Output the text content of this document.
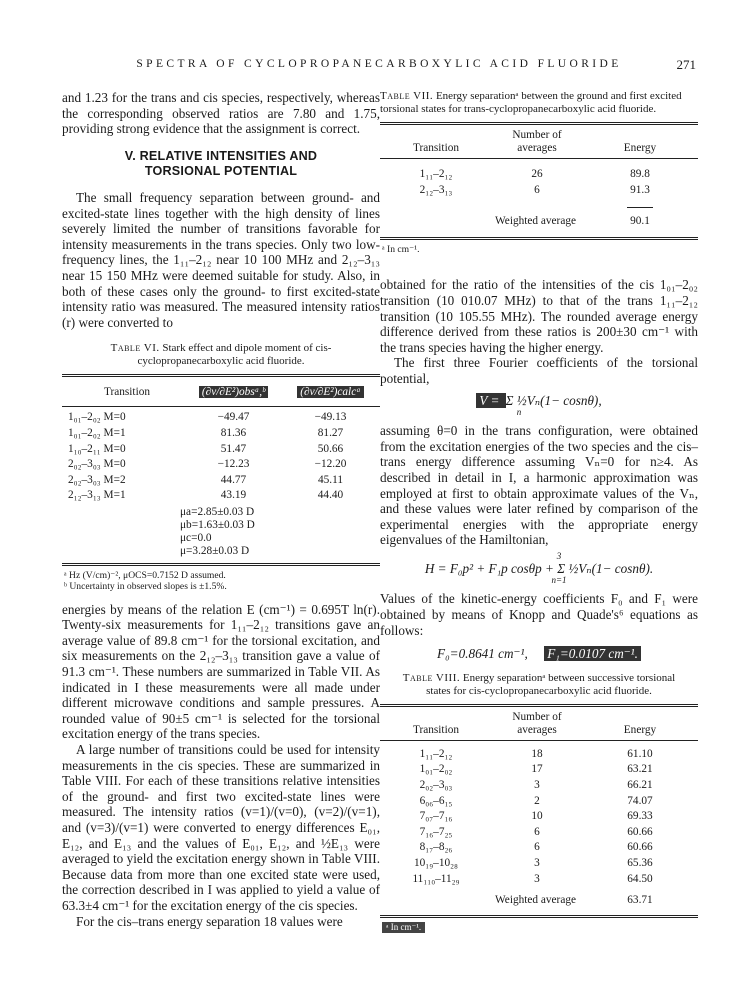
SPECTRA OF CYCLOPROPANECARBOXYLIC ACID FLUORIDE	271

and 1.23 for the trans and cis species, respectively, whereas the corresponding observed ratios are 7.80 and 1.75, providing strong evidence that the assignment is correct.

V. RELATIVE INTENSITIES AND
TORSIONAL POTENTIAL

The small frequency separation between ground- and excited-state lines together with the high density of lines severely limited the number of transitions favorable for intensity measurements in the trans species. Only two low-frequency lines, the 1₁₁–2₁₂ near 10 100 MHz and 2₁₂–3₁₃ near 15 150 MHz were deemed suitable for study. Also, in both of these cases only the ground- to first excited-state intensity ratio was measured. The measured intensity ratios (r) were converted to

Table VI. Stark effect and dipole moment of cis-cyclopropanecarboxylic acid fluoride.
Transition	(∂ν/∂E²)obsᵃ,ᵇ	(∂ν/∂E²)calcᵃ
1₀₁–2₀₂ M=0	−49.47	−49.13
1₀₁–2₀₂ M=1	81.36	81.27
1₁₀–2₁₁ M=0	51.47	50.66
2₀₂–3₀₃ M=0	−12.23	−12.20
2₀₂–3₀₃ M=2	44.77	45.11
2₁₂–3₁₃ M=1	43.19	44.40
μa=2.85±0.03 D
μb=1.63±0.03 D
μc=0.0
μ=3.28±0.03 D
ᵃ Hz (V/cm)⁻², μOCS=0.7152 D assumed.
ᵇ Uncertainty in observed slopes is ±1.5%.

energies by means of the relation E (cm⁻¹) = 0.695T ln(r). Twenty-six measurements for 1₁₁–2₁₂ transitions gave an average value of 89.8 cm⁻¹ for the torsional excitation, and six measurements on the 2₁₂–3₁₃ transition gave a value of 91.3 cm⁻¹. These numbers are summarized in Table VII. As indicated in I these measurements were all made under different microwave conditions and sample pressures. A rounded value of 90±5 cm⁻¹ is selected for the torsional excitation energy of the trans species.

A large number of transitions could be used for intensity measurements in the cis species. These are summarized in Table VIII. For each of these transitions relative intensities of the ground- and first two excited-state lines were measured. The intensity ratios (v=1)/(v=0), (v=2)/(v=1), and (v=3)/(v=1) were converted to energy differences E₀₁, E₁₂, and E₁₃ and the values of E₀₁, E₁₂, and ½E₁₃ were averaged to yield the excitation energy shown in Table VIII. Because data from more than one excited state were used, the correction described in I was applied to yield a value of 63.3±4 cm⁻¹ for the excitation energy of the cis species.

For the cis–trans energy separation 18 values were

Table VII. Energy separationᵃ between the ground and first excited torsional states for trans-cyclopropanecarboxylic acid fluoride.
Transition	
Number of
averages	Energy
1₁₁–2₁₂	26	89.8
2₁₂–3₁₃	6	91.3

Weighted average		90.1
ᵃ In cm⁻¹.

obtained for the ratio of the intensities of the cis 1₀₁–2₀₂ transition (10 010.07 MHz) to that of the trans 1₁₁–2₁₂ transition (10 105.55 MHz). The rounded average energy difference derived from these ratios is 200±30 cm⁻¹ with the trans species having the higher energy.

The first three Fourier coefficients of the torsional potential,

V = Σ ½Vₙ(1− cosnθ),
n

assuming θ=0 in the trans configuration, were obtained from the excitation energies of the two species and the cis–trans energy difference assuming Vₙ=0 for n≥4. As described in detail in I, a harmonic approximation was employed at first to obtain approximate values of the Vₙ, and these values were later refined by comparison of the experimental energies with the appropriate energy eigenvalues of the Hamiltonian,

3
H = F₀p² + F₁p cosθp + Σ ½Vₙ(1− cosnθ).
n=1

Values of the kinetic-energy coefficients F₀ and F₁ were obtained by means of Knopp and Quade's⁶ equations as follows:

F₀=0.8641 cm⁻¹, F₁=0.0107 cm⁻¹.
Table VIII. Energy separationᵃ between successive torsional states for cis-cyclopropanecarboxylic acid fluoride.
Transition	
Number of
averages	Energy
1₁₁–2₁₂	18	61.10
1₀₁–2₀₂	17	63.21
2₀₂–3₀₃	3	66.21
6₀₆–6₁₅	2	74.07
7₀₇–7₁₆	10	69.33
7₁₆–7₂₅	6	60.66
8₁₇–8₂₆	6	60.66
10₁₉–10₂₈	3	65.36
11₁₁₀–11₂₉	3	64.50
Weighted average		63.71
ᵃ In cm⁻¹.
